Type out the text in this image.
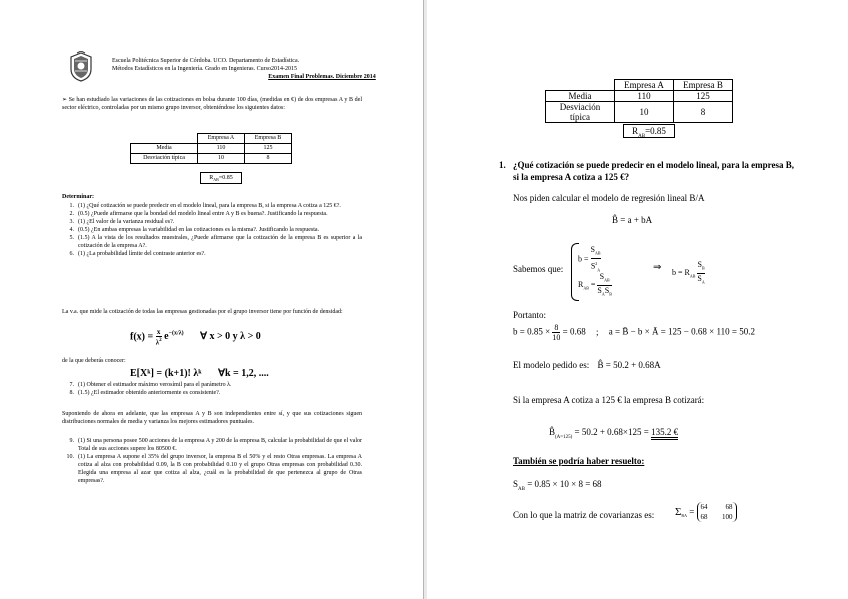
Escuela Politécnica Superior de Córdoba. UCO. Departamento de Estadística.
Métodos Estadísticos en la Ingeniería. Grado en Ingenieras. Curso2014-2015
Examen Final Problemas. Diciembre 2014
➢ Se han estudiado las variaciones de las cotizaciones en bolsa durante 100 días, (medidas en €) de dos empresas A y B del sector eléctrico, controladas por un mismo grupo inversor, obteniéndose los siguientes datos:
	Empresa A	Empresa B
Media	110	125
Desviación típica	10	8
$R_{AB}=0.85$
Determinar:
1. (1) ¿Qué cotización se puede predecir en el modelo lineal, para la empresa B, si la empresa A cotiza a 125 €?.
2. (0.5) ¿Puede afirmarse que la bondad del modelo lineal entre A y B es buena?. Justificando la respuesta.
3. (1) ¿El valor de la varianza residual es?.
4. (0.5) ¿En ambas empresas la variabilidad en las cotizaciones es la misma?. Justificando la respuesta.
5. (1.5) A la vista de los resultados muestrales, ¿Puede afirmarse que la cotización de la empresa B es superior a la cotización de la empresa A?.
6. (1) ¿La probabilidad límite del contraste anterior es?.
La v.a. que mide la cotización de todas las empresas gestionadas por el grupo inversor tiene por función de densidad:
$f(x) = \frac{x}{\lambda^2} e^{-(x/\lambda)}$ ∀ x > 0 y λ > 0
de la que deberás conocer:
E[Xᵏ] = (k+1)! λᵏ ∀k = 1,2, ....
7. (1) Obtener el estimador máximo verosímil para el parámetro λ.
8. (1.5) ¿El estimador obtenido anteriormente es consistente?.
Suponiendo de ahora en adelante, que las empresas A y B son independientes entre sí, y que sus cotizaciones siguen distribuciones normales de media y varianza los mejores estimadores puntuales.
9. (1) Si una persona posee 500 acciones de la empresa A y 200 de la empresa B, calcular la probabilidad de que el valor Total de sus acciones supere los 80500 €.
10. (1) La empresa A supone el 35% del grupo inversor, la empresa B el 50% y el resto Otras empresas. La empresa A cotiza al alza con probabilidad 0.09, la B con probabilidad 0.10 y el grupo Otras empresas con probabilidad 0.30. Elegida una empresa al azar que cotiza al alza, ¿cuál es la probabilidad de que pertenezca al grupo de Otras empresas?.
	Empresa A	Empresa B
Media	110	125
Desviación típica	10	8
$R_{AB}=0.85$
1. ¿Qué cotización se puede predecir en el modelo lineal, para la empresa B, si la empresa A cotiza a 125 €?
Nos piden calcular el modelo de regresión lineal B/A
B̂ = a + bA
Sabemos que:
b =
$S_{AB}$
$S^2_A$
$R_{AB}$ =
$S_{AB}$
$S_AS_B$
⇒ $b = R_{AB} \frac{S_B}{S_A}$
Portanto:
$b = 0.85 \times \frac{8}{10} = 0.68$ ; a = B̄ − b × Ā = 125 − 0.68 × 110 = 50.2
El modelo pedido es: B̂ = 50.2 + 0.68A
Si la empresa A cotiza a 125 € la empresa B cotizará:
$B̂_{(A=125)} = 50.2 + 0.68\times 125 = 135.2$ €
También se podría haber resuelto:
$S_{AB} = 0.85 \times 10 \times 8 = 68$
Con lo que la matriz de covarianzas es: $\Sigma_{BA} = 64$	68
68 100
